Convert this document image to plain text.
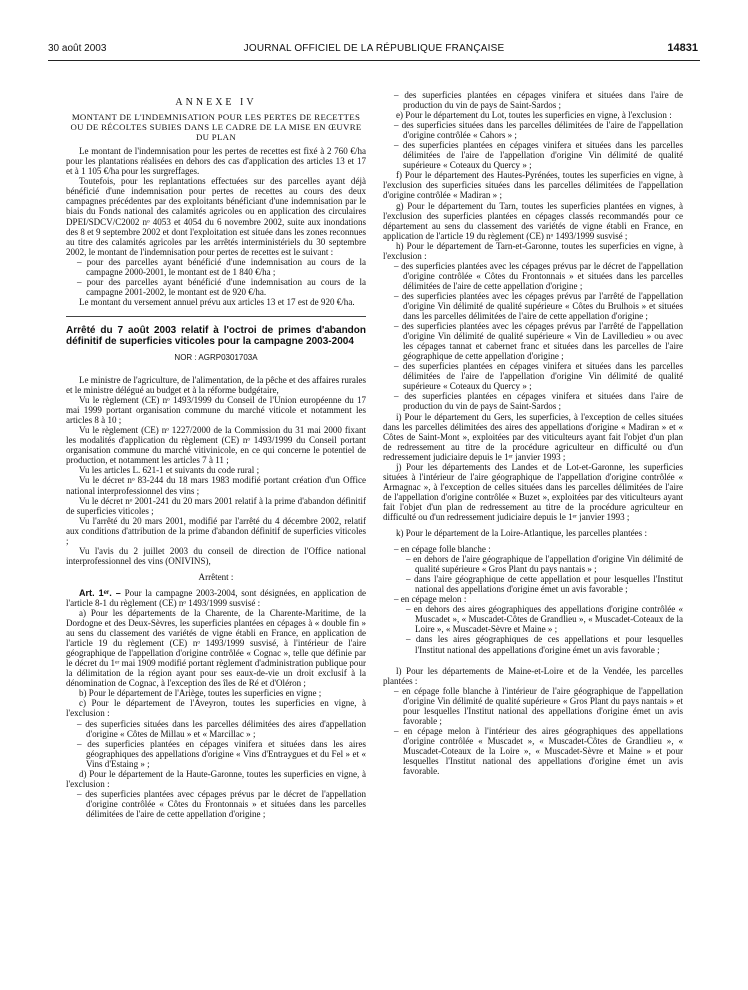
30 août 2003	JOURNAL OFFICIEL DE LA RÉPUBLIQUE FRANÇAISE	14831

ANNEXE IV

MONTANT DE L'INDEMNISATION POUR LES PERTES DE RECETTES OU DE RÉCOLTES SUBIES DANS LE CADRE DE LA MISE EN ŒUVRE DU PLAN

Le montant de l'indemnisation pour les pertes de recettes est fixé à 2 760 €/ha pour les plantations réalisées en dehors des cas d'application des articles 13 et 17 et à 1 105 €/ha pour les surgreffages.

Toutefois, pour les replantations effectuées sur des parcelles ayant déjà bénéficié d'une indemnisation pour pertes de recettes au cours des deux campagnes précédentes par des exploitants bénéficiant d'une indemnisation par le biais du Fonds national des calamités agricoles ou en application des circulaires DPEI/SDCV/C2002 nᵒ 4053 et 4054 du 6 novembre 2002, suite aux inondations des 8 et 9 septembre 2002 et dont l'exploitation est située dans les zones reconnues au titre des calamités agricoles par les arrêtés interministériels du 30 septembre 2002, le montant de l'indemnisation pour pertes de recettes est le suivant :

– pour des parcelles ayant bénéficié d'une indemnisation au cours de la campagne 2000-2001, le montant est de 1 840 €/ha ;

– pour des parcelles ayant bénéficié d'une indemnisation au cours de la campagne 2001-2002, le montant est de 920 €/ha.

Le montant du versement annuel prévu aux articles 13 et 17 est de 920 €/ha.

Arrêté du 7 août 2003 relatif à l'octroi de primes d'abandon définitif de superficies viticoles pour la campagne 2003-2004

NOR : AGRP0301703A

Le ministre de l'agriculture, de l'alimentation, de la pêche et des affaires rurales et le ministre délégué au budget et à la réforme budgétaire,

Vu le règlement (CE) nᵒ 1493/1999 du Conseil de l'Union européenne du 17 mai 1999 portant organisation commune du marché viticole et notamment les articles 8 à 10 ;

Vu le règlement (CE) nᵒ 1227/2000 de la Commission du 31 mai 2000 fixant les modalités d'application du règlement (CE) nᵒ 1493/1999 du Conseil portant organisation commune du marché vitivinicole, en ce qui concerne le potentiel de production, et notamment les articles 7 à 11 ;

Vu les articles L. 621-1 et suivants du code rural ;

Vu le décret nᵒ 83-244 du 18 mars 1983 modifié portant création d'un Office national interprofessionnel des vins ;

Vu le décret nᵒ 2001-241 du 20 mars 2001 relatif à la prime d'abandon définitif de superficies viticoles ;

Vu l'arrêté du 20 mars 2001, modifié par l'arrêté du 4 décembre 2002, relatif aux conditions d'attribution de la prime d'abandon définitif de superficies viticoles ;

Vu l'avis du 2 juillet 2003 du conseil de direction de l'Office national interprofessionnel des vins (ONIVINS),

Arrêtent :

Art. 1ᵉʳ. – Pour la campagne 2003-2004, sont désignées, en application de l'article 8-1 du règlement (CE) nᵒ 1493/1999 susvisé :

a) Pour les départements de la Charente, de la Charente-Maritime, de la Dordogne et des Deux-Sèvres, les superficies plantées en cépages à « double fin » au sens du classement des variétés de vigne établi en France, en application de l'article 19 du règlement (CE) nᵒ 1493/1999 susvisé, à l'intérieur de l'aire géographique de l'appellation d'origine contrôlée « Cognac », telle que définie par le décret du 1ᵉʳ mai 1909 modifié portant règlement d'administration publique pour la délimitation de la région ayant pour ses eaux-de-vie un droit exclusif à la dénomination de Cognac, à l'exception des îles de Ré et d'Oléron ;

b) Pour le département de l'Ariège, toutes les superficies en vigne ;

c) Pour le département de l'Aveyron, toutes les superficies en vigne, à l'exclusion :

– des superficies situées dans les parcelles délimitées des aires d'appellation d'origine « Côtes de Millau » et « Marcillac » ;

– des superficies plantées en cépages vinifera et situées dans les aires géographiques des appellations d'origine « Vins d'Entraygues et du Fel » et « Vins d'Estaing » ;

d) Pour le département de la Haute-Garonne, toutes les superficies en vigne, à l'exclusion :

– des superficies plantées avec cépages prévus par le décret de l'appellation d'origine contrôlée « Côtes du Frontonnais » et situées dans les parcelles délimitées de l'aire de cette appellation d'origine ;

– des superficies plantées en cépages vinifera et situées dans l'aire de production du vin de pays de Saint-Sardos ;

e) Pour le département du Lot, toutes les superficies en vigne, à l'exclusion :

– des superficies situées dans les parcelles délimitées de l'aire de l'appellation d'origine contrôlée « Cahors » ;

– des superficies plantées en cépages vinifera et situées dans les parcelles délimitées de l'aire de l'appellation d'origine Vin délimité de qualité supérieure « Coteaux du Quercy » ;

f) Pour le département des Hautes-Pyrénées, toutes les superficies en vigne, à l'exclusion des superficies situées dans les parcelles délimitées de l'appellation d'origine contrôlée « Madiran » ;

g) Pour le département du Tarn, toutes les superficies plantées en vignes, à l'exclusion des superficies plantées en cépages classés recommandés pour ce département au sens du classement des variétés de vigne établi en France, en application de l'article 19 du règlement (CE) nᵒ 1493/1999 susvisé ;

h) Pour le département de Tarn-et-Garonne, toutes les superficies en vigne, à l'exclusion :

– des superficies plantées avec les cépages prévus par le décret de l'appellation d'origine contrôlée « Côtes du Frontonnais » et situées dans les parcelles délimitées de l'aire de cette appellation d'origine ;

– des superficies plantées avec les cépages prévus par l'arrêté de l'appellation d'origine Vin délimité de qualité supérieure « Côtes du Brulhois » et situées dans les parcelles délimitées de l'aire de cette appellation d'origine ;

– des superficies plantées avec les cépages prévus par l'arrêté de l'appellation d'origine Vin délimité de qualité supérieure « Vin de Lavilledieu » ou avec les cépages tannat et cabernet franc et situées dans les parcelles de l'aire géographique de cette appellation d'origine ;

– des superficies plantées en cépages vinifera et situées dans les parcelles délimitées de l'aire de l'appellation d'origine Vin délimité de qualité supérieure « Coteaux du Quercy » ;

– des superficies plantées en cépages vinifera et situées dans l'aire de production du vin de pays de Saint-Sardos ;

i) Pour le département du Gers, les superficies, à l'exception de celles situées dans les parcelles délimitées des aires des appellations d'origine « Madiran » et « Côtes de Saint-Mont », exploitées par des viticulteurs ayant fait l'objet d'un plan de redressement au titre de la procédure agriculteur en difficulté ou d'un redressement judiciaire depuis le 1ᵉʳ janvier 1993 ;

j) Pour les départements des Landes et de Lot-et-Garonne, les superficies situées à l'intérieur de l'aire géographique de l'appellation d'origine contrôlée « Armagnac », à l'exception de celles situées dans les parcelles délimitées de l'aire de l'appellation d'origine contrôlée « Buzet », exploitées par des viticulteurs ayant fait l'objet d'un plan de redressement au titre de la procédure agriculteur en difficulté ou d'un redressement judiciaire depuis le 1ᵉʳ janvier 1993 ;

k) Pour le département de la Loire-Atlantique, les parcelles plantées :

– en cépage folle blanche :

– en dehors de l'aire géographique de l'appellation d'origine Vin délimité de qualité supérieure « Gros Plant du pays nantais » ;

– dans l'aire géographique de cette appellation et pour lesquelles l'Institut national des appellations d'origine émet un avis favorable ;

– en cépage melon :

– en dehors des aires géographiques des appellations d'origine contrôlée « Muscadet », « Muscadet-Côtes de Grandlieu », « Muscadet-Coteaux de la Loire », « Muscadet-Sèvre et Maine » ;

– dans les aires géographiques de ces appellations et pour lesquelles l'Institut national des appellations d'origine émet un avis favorable ;

l) Pour les départements de Maine-et-Loire et de la Vendée, les parcelles plantées :

– en cépage folle blanche à l'intérieur de l'aire géographique de l'appellation d'origine Vin délimité de qualité supérieure « Gros Plant du pays nantais » et pour lesquelles l'Institut national des appellations d'origine émet un avis favorable ;

– en cépage melon à l'intérieur des aires géographiques des appellations d'origine contrôlée « Muscadet », « Muscadet-Côtes de Grandlieu », « Muscadet-Coteaux de la Loire », « Muscadet-Sèvre et Maine » et pour lesquelles l'Institut national des appellations d'origine émet un avis favorable.
